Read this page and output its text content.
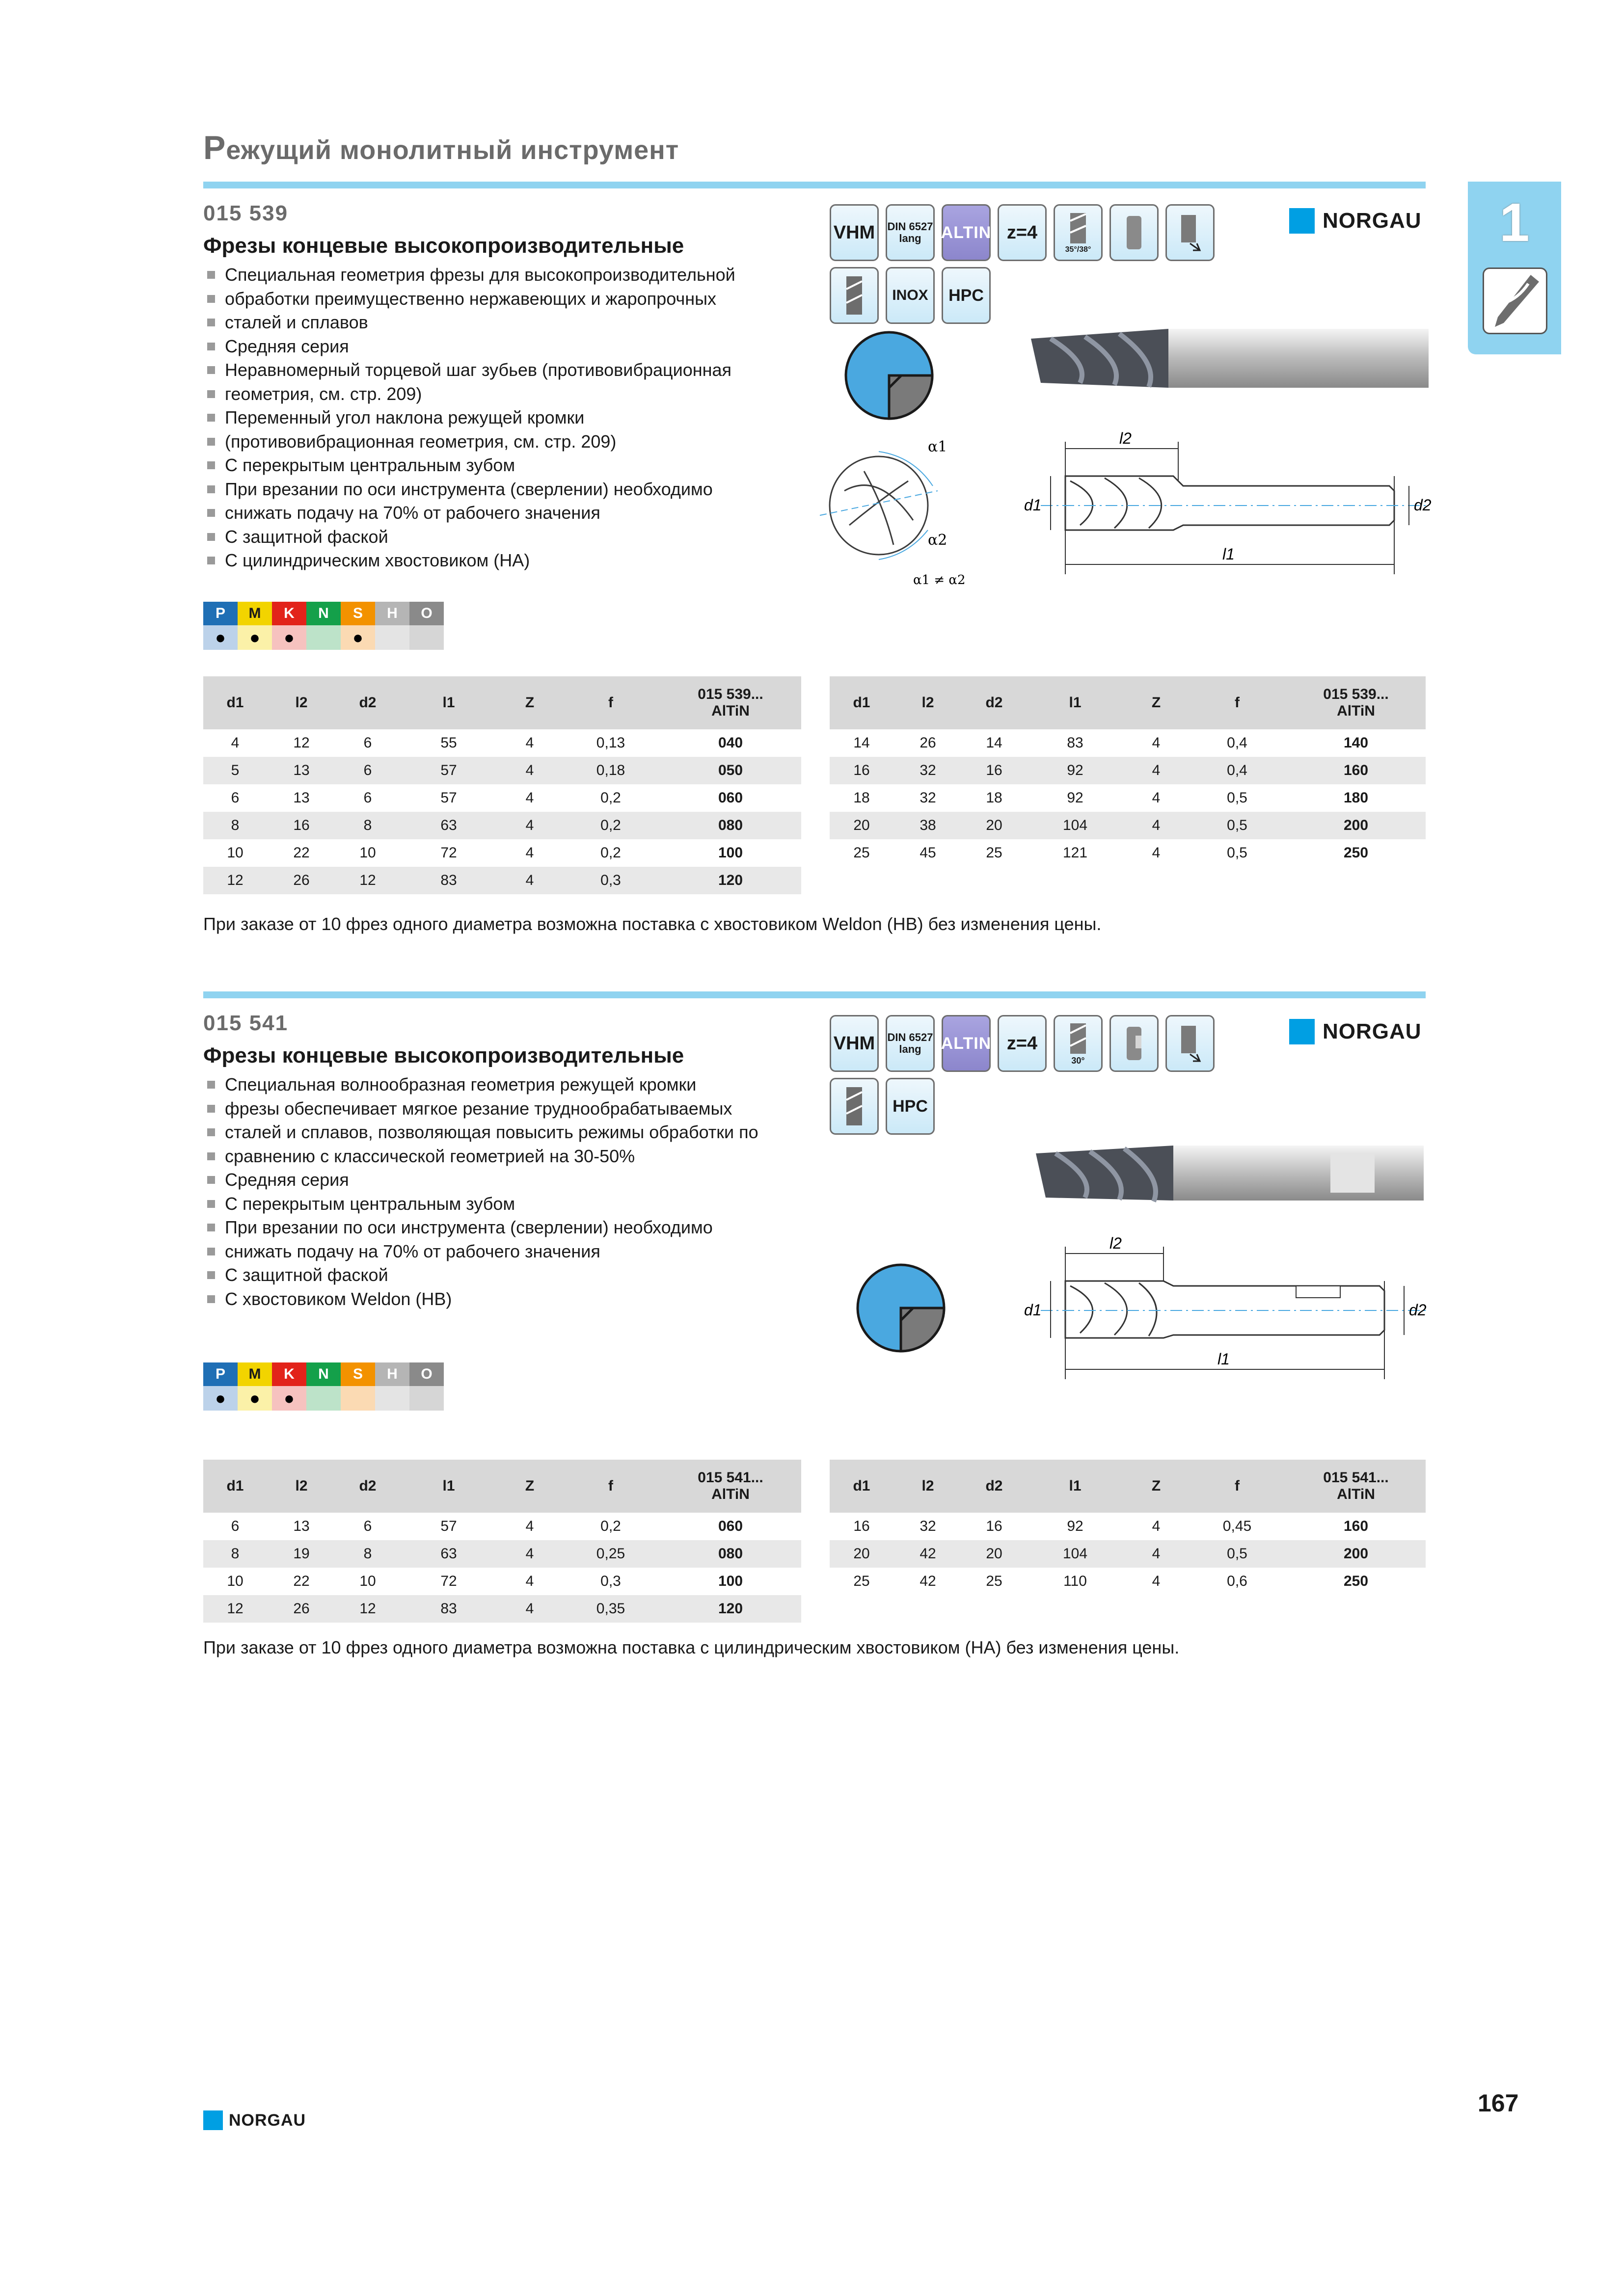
Режущий монолитный инструмент
1
015 539
Фрезы концевые высокопроизводительные
Специальная геометрия фрезы для высокопроизводительной
обработки преимущественно нержавеющих и жаропрочных
сталей и сплавов
Средняя серия
Неравномерный торцевой шаг зубьев (противовибрационная
геометрия, см. стр. 209)
Переменный угол наклона режущей кромки
(противовибрационная геометрия, см. стр. 209)
С перекрытым центральным зубом
При врезании по оси инструмента (сверлении) необходимо
снижать подачу на 70% от рабочего значения
С защитной фаской
С цилиндрическим хвостовиком (НА)
VHM	DIN 6527
lang	ALTIN z=4
35°/38°
INOX	HPC
NORGAU
α1
α2
α1 ≠ α2
l2
l1
d1	d2
P
●
M
●
K
●
N	S
●
H	O
d1	l2	d2	l1	Z	f	015 539...
AlTiN
4	12	6	55	4	0,13	040
5	13	6	57	4	0,18	050
6	13	6	57	4	0,2	060
8	16	8	63	4	0,2	080
10	22	10	72	4	0,2	100
12	26	12	83	4	0,3	120
d1	l2	d2	l1	Z	f	015 539...
AlTiN
14	26	14	83	4	0,4	140
16	32	16	92	4	0,4	160
18	32	18	92	4	0,5	180
20	38	20	104	4	0,5	200
25	45	25	121	4	0,5	250
При заказе от 10 фрез одного диаметра возможна поставка с хвостовиком Weldon (НВ) без изменения цены.
015 541
Фрезы концевые высокопроизводительные
Специальная волнообразная геометрия режущей кромки
фрезы обеспечивает мягкое резание труднообрабатываемых
сталей и сплавов, позволяющая повысить режимы обработки по
сравнению с классической геометрией на 30-50%
Средняя серия
С перекрытым центральным зубом
При врезании по оси инструмента (сверлении) необходимо
снижать подачу на 70% от рабочего значения
С защитной фаской
С хвостовиком Weldon (НВ)
VHM	DIN 6527
lang	ALTIN z=4
30°
HPC
NORGAU
l2
l1
d1	d2
P
●
M
●
K
●
N	S	H	O
d1	l2	d2	l1	Z	f	015 541...
AlTiN
6	13	6	57	4	0,2	060
8	19	8	63	4	0,25	080
10	22	10	72	4	0,3	100
12	26	12	83	4	0,35	120
d1	l2	d2	l1	Z	f	015 541...
AlTiN
16	32	16	92	4	0,45	160
20	42	20	104	4	0,5	200
25	42	25	110	4	0,6	250
При заказе от 10 фрез одного диаметра возможна поставка с цилиндрическим хвостовиком (НА) без изменения цены.
NORGAU
167
